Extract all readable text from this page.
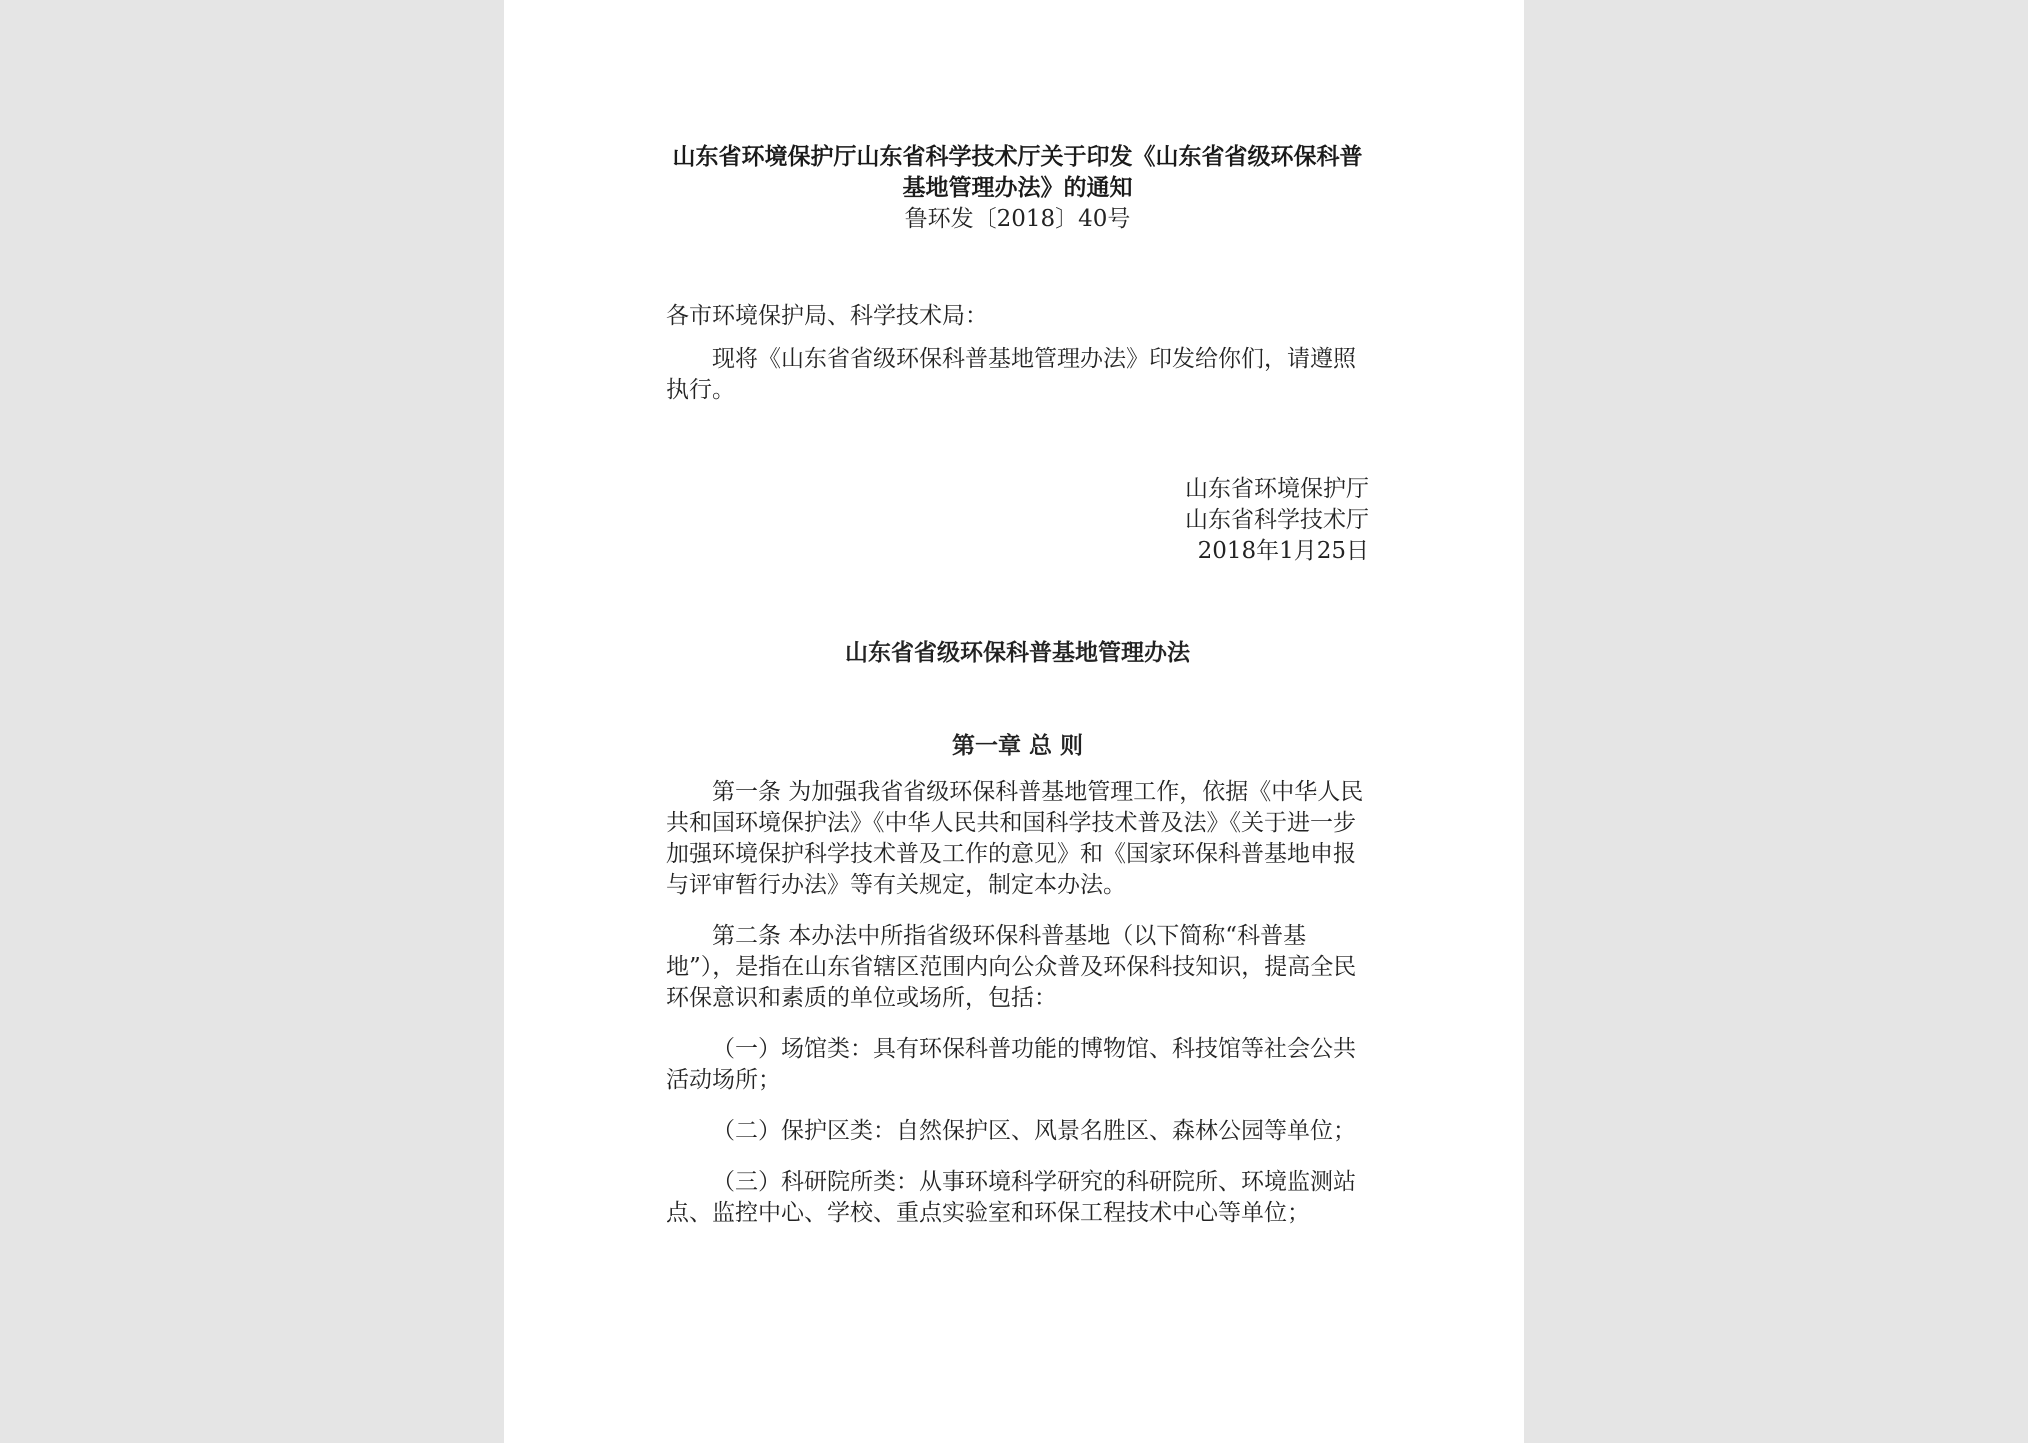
山东省环境保护厅山东省科学技术厅关于印发《山东省省级环保科普基地管理办法》的通知
鲁环发〔2018〕40号
各市环境保护局、科学技术局：
现将《山东省省级环保科普基地管理办法》印发给你们，请遵照执行。
山东省环境保护厅
山东省科学技术厅
2018年1月25日
山东省省级环保科普基地管理办法
第一章 总 则
第一条 为加强我省省级环保科普基地管理工作，依据《中华人民共和国环境保护法》《中华人民共和国科学技术普及法》《关于进一步加强环境保护科学技术普及工作的意见》和《国家环保科普基地申报与评审暂行办法》等有关规定，制定本办法。
第二条 本办法中所指省级环保科普基地（以下简称“科普基地”），是指在山东省辖区范围内向公众普及环保科技知识，提高全民环保意识和素质的单位或场所，包括：
（一）场馆类：具有环保科普功能的博物馆、科技馆等社会公共活动场所；
（二）保护区类：自然保护区、风景名胜区、森林公园等单位；
（三）科研院所类：从事环境科学研究的科研院所、环境监测站点、监控中心、学校、重点实验室和环保工程技术中心等单位；
